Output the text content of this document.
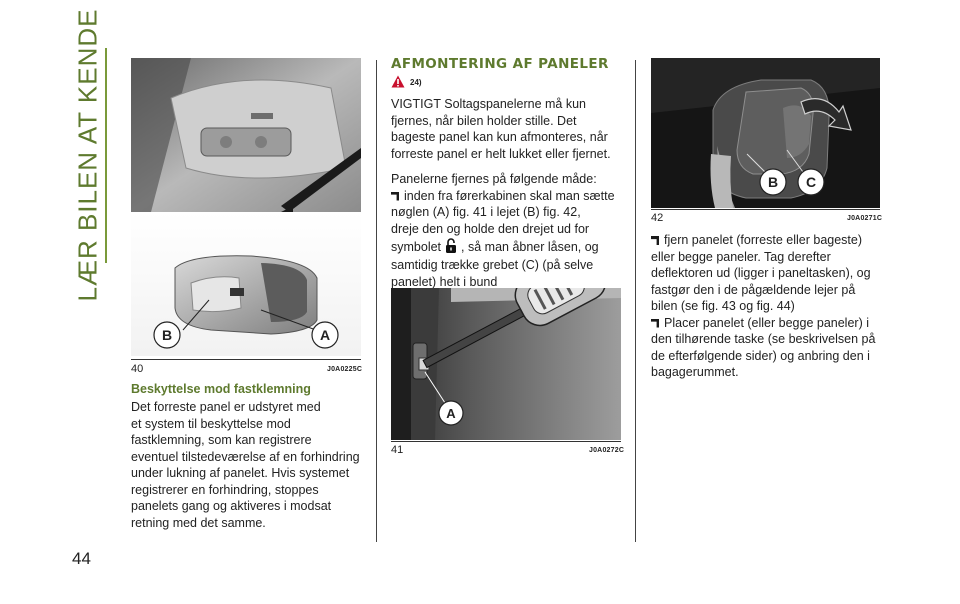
LÆR BILEN AT KENDE
44
B	A
40	J0A0225C
Beskyttelse mod fastklemning

Det forreste panel er udstyret med

et system til beskyttelse mod

fastklemning, som kan registrere

eventuel tilstedeværelse af en forhindring

under lukning af panelet. Hvis systemet

registrerer en forhindring, stoppes

panelets gang og aktiveres i modsat

retning med det samme.

AFMONTERING AF PANELER
24)

VIGTIGT Soltagspanelerne må kun

fjernes, når bilen holder stille. Det

bageste panel kan kun afmonteres, når

forreste panel er helt lukket eller fjernet.

Panelerne fjernes på følgende måde:

inden fra førerkabinen skal man sætte

nøglen (A) fig. 41 i lejet (B) fig. 42,

dreje den og holde den drejet ud for

symbolet , så man åbner låsen, og

samtidig trække grebet (C) (på selve

panelet) helt i bund

A
41	J0A0272C
B C
42	J0A0271C

fjern panelet (forreste eller bageste)

eller begge paneler. Tag derefter

deflektoren ud (ligger i paneltasken), og

fastgør den i de pågældende lejer på

bilen (se fig. 43 og fig. 44)

Placer panelet (eller begge paneler) i

den tilhørende taske (se beskrivelsen på

de efterfølgende sider) og anbring den i

bagagerummet.
